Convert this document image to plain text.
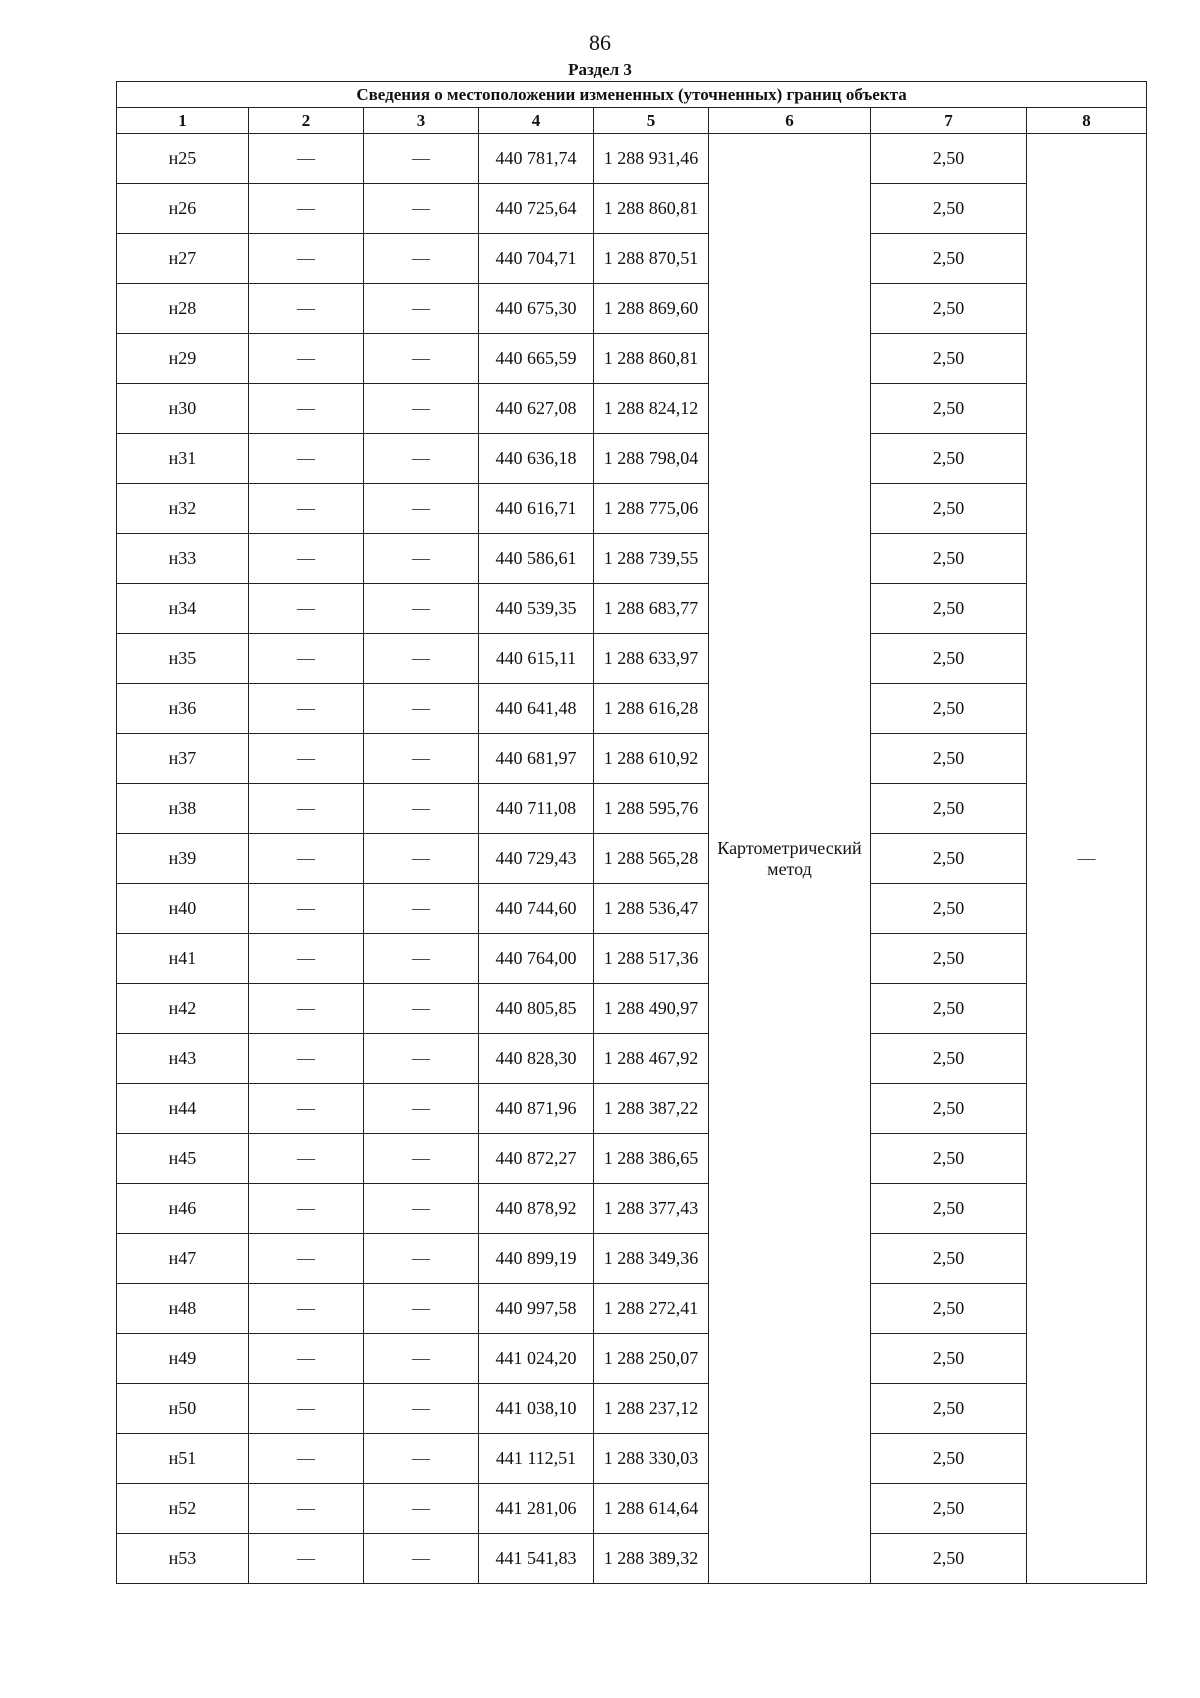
86
Раздел 3
Сведения о местоположении измененных (уточненных) границ объекта							
1	2	3	4	5	6	7	8
н25	—	—	440 781,74	1 288 931,46	Картометрический метод	2,50	—
н26	—	—	440 725,64	1 288 860,81		2,50	
н27	—	—	440 704,71	1 288 870,51		2,50	
н28	—	—	440 675,30	1 288 869,60		2,50	
н29	—	—	440 665,59	1 288 860,81		2,50	
н30	—	—	440 627,08	1 288 824,12		2,50	
н31	—	—	440 636,18	1 288 798,04		2,50	
н32	—	—	440 616,71	1 288 775,06		2,50	
н33	—	—	440 586,61	1 288 739,55		2,50	
н34	—	—	440 539,35	1 288 683,77		2,50	
н35	—	—	440 615,11	1 288 633,97		2,50	
н36	—	—	440 641,48	1 288 616,28		2,50	
н37	—	—	440 681,97	1 288 610,92		2,50	
н38	—	—	440 711,08	1 288 595,76		2,50	
н39	—	—	440 729,43	1 288 565,28		2,50	
н40	—	—	440 744,60	1 288 536,47		2,50	
н41	—	—	440 764,00	1 288 517,36		2,50	
н42	—	—	440 805,85	1 288 490,97		2,50	
н43	—	—	440 828,30	1 288 467,92		2,50	
н44	—	—	440 871,96	1 288 387,22		2,50	
н45	—	—	440 872,27	1 288 386,65		2,50	
н46	—	—	440 878,92	1 288 377,43		2,50	
н47	—	—	440 899,19	1 288 349,36		2,50	
н48	—	—	440 997,58	1 288 272,41		2,50	
н49	—	—	441 024,20	1 288 250,07		2,50	
н50	—	—	441 038,10	1 288 237,12		2,50	
н51	—	—	441 112,51	1 288 330,03		2,50	
н52	—	—	441 281,06	1 288 614,64		2,50	
н53	—	—	441 541,83	1 288 389,32		2,50	
